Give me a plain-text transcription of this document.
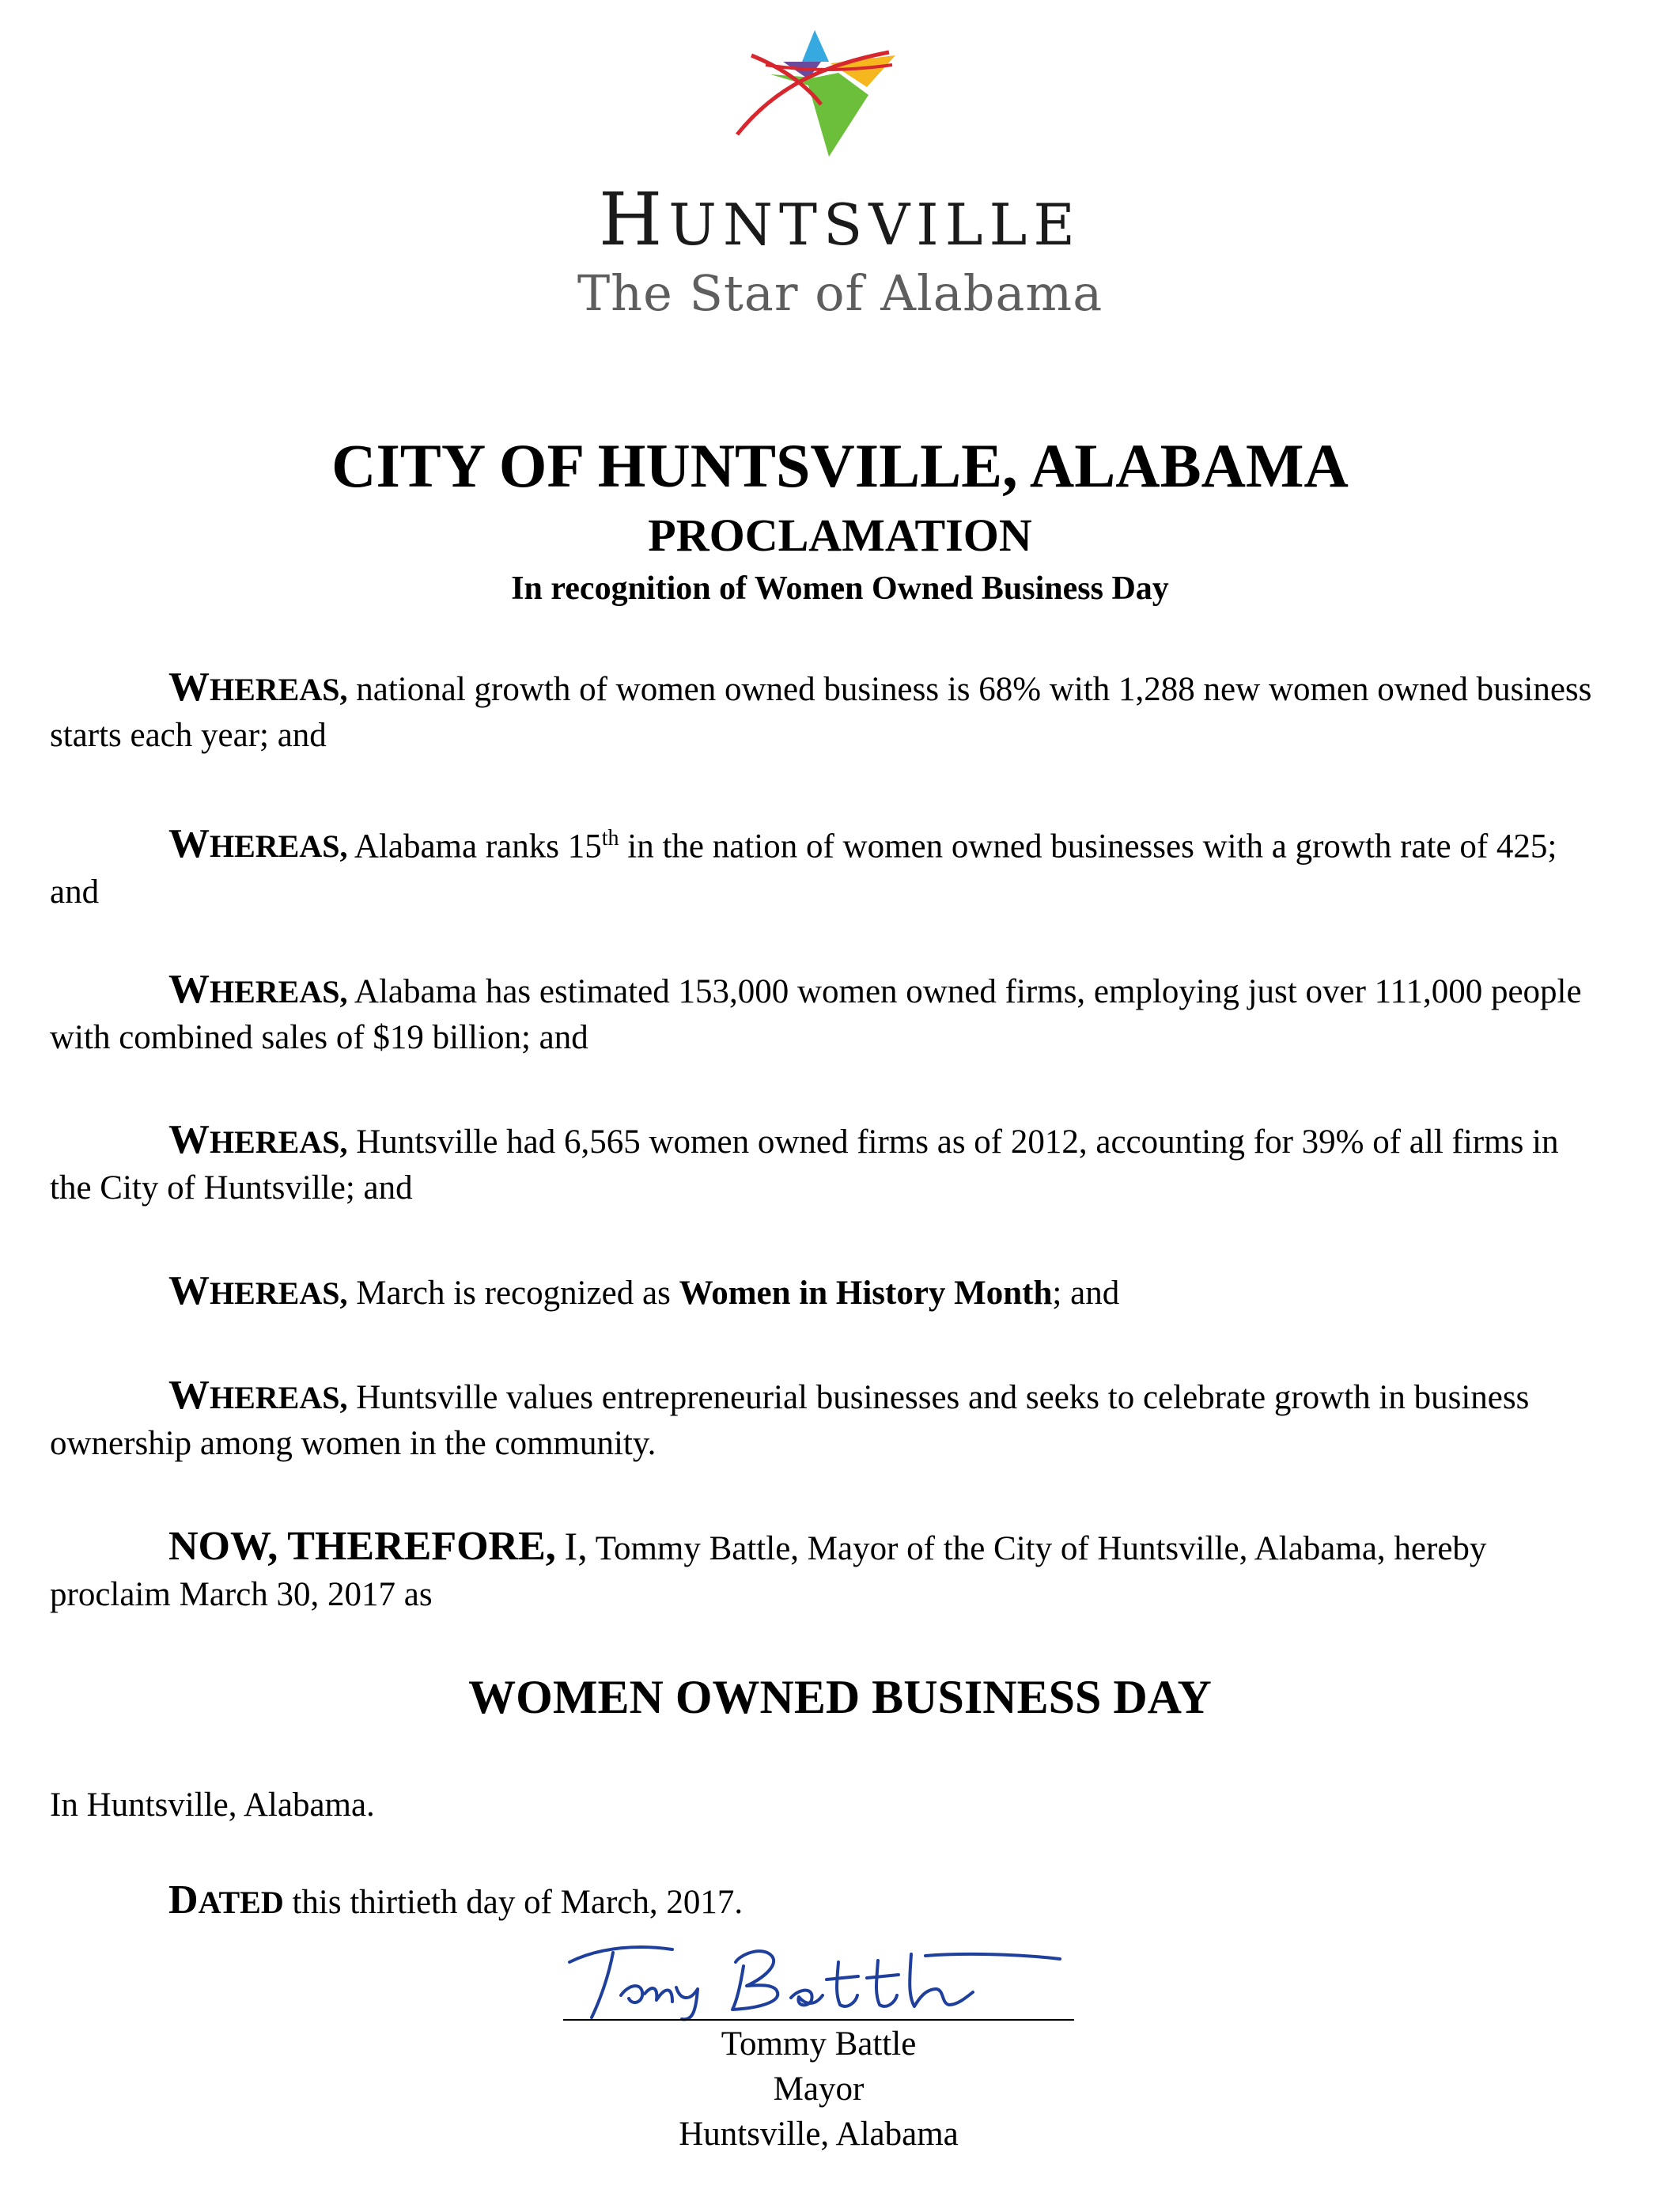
HUNTSVILLE
The Star of Alabama
CITY OF HUNTSVILLE, ALABAMA
PROCLAMATION
In recognition of Women Owned Business Day
WHEREAS, national growth of women owned business is 68% with 1,288 new women owned business starts each year; and
WHEREAS, Alabama ranks 15th in the nation of women owned businesses with a growth rate of 425; and
WHEREAS, Alabama has estimated 153,000 women owned firms, employing just over 111,000 people with combined sales of $19 billion; and
WHEREAS, Huntsville had 6,565 women owned firms as of 2012, accounting for 39% of all firms in the City of Huntsville; and
WHEREAS, March is recognized as Women in History Month; and
WHEREAS, Huntsville values entrepreneurial businesses and seeks to celebrate growth in business ownership among women in the community.
NOW, THEREFORE, I, Tommy Battle, Mayor of the City of Huntsville, Alabama, hereby proclaim March 30, 2017 as
WOMEN OWNED BUSINESS DAY
In Huntsville, Alabama.
DATED this thirtieth day of March, 2017.
Tommy Battle
Mayor
Huntsville, Alabama
